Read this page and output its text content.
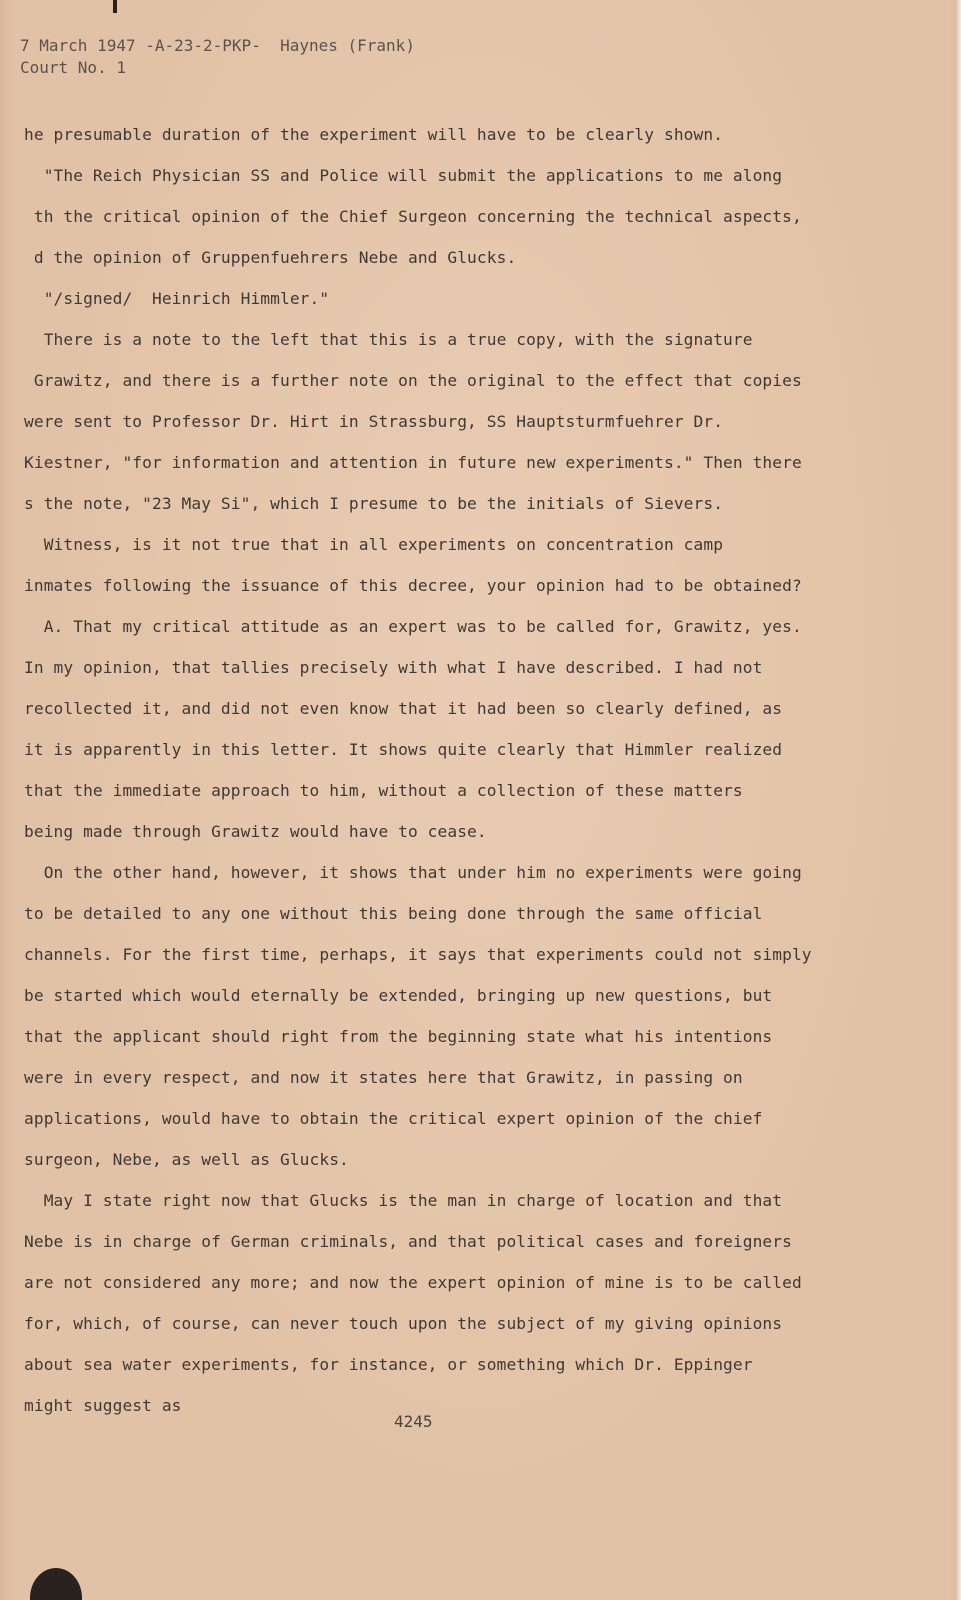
7 March 1947 -A-23-2-PKP-  Haynes (Frank)
Court No. 1
he presumable duration of the experiment will have to be clearly shown.
"The Reich Physician SS and Police will submit the applications to me along
th the critical opinion of the Chief Surgeon concerning the technical aspects,
d the opinion of Gruppenfuehrers Nebe and Glucks.
"/signed/  Heinrich Himmler."
There is a note to the left that this is a true copy, with the signature
Grawitz, and there is a further note on the original to the effect that copies
were sent to Professor Dr. Hirt in Strassburg, SS Hauptsturmfuehrer Dr.
Kiestner, "for information and attention in future new experiments." Then there
s the note, "23 May Si", which I presume to be the initials of Sievers.
Witness, is it not true that in all experiments on concentration camp
inmates following the issuance of this decree, your opinion had to be obtained?
A. That my critical attitude as an expert was to be called for, Grawitz, yes.
In my opinion, that tallies precisely with what I have described. I had not
recollected it, and did not even know that it had been so clearly defined, as
it is apparently in this letter. It shows quite clearly that Himmler realized
that the immediate approach to him, without a collection of these matters
being made through Grawitz would have to cease.
On the other hand, however, it shows that under him no experiments were going
to be detailed to any one without this being done through the same official
channels. For the first time, perhaps, it says that experiments could not simply
be started which would eternally be extended, bringing up new questions, but
that the applicant should right from the beginning state what his intentions
were in every respect, and now it states here that Grawitz, in passing on
applications, would have to obtain the critical expert opinion of the chief
surgeon, Nebe, as well as Glucks.
May I state right now that Glucks is the man in charge of location and that
Nebe is in charge of German criminals, and that political cases and foreigners
are not considered any more; and now the expert opinion of mine is to be called
for, which, of course, can never touch upon the subject of my giving opinions
about sea water experiments, for instance, or something which Dr. Eppinger
might suggest as
4245
